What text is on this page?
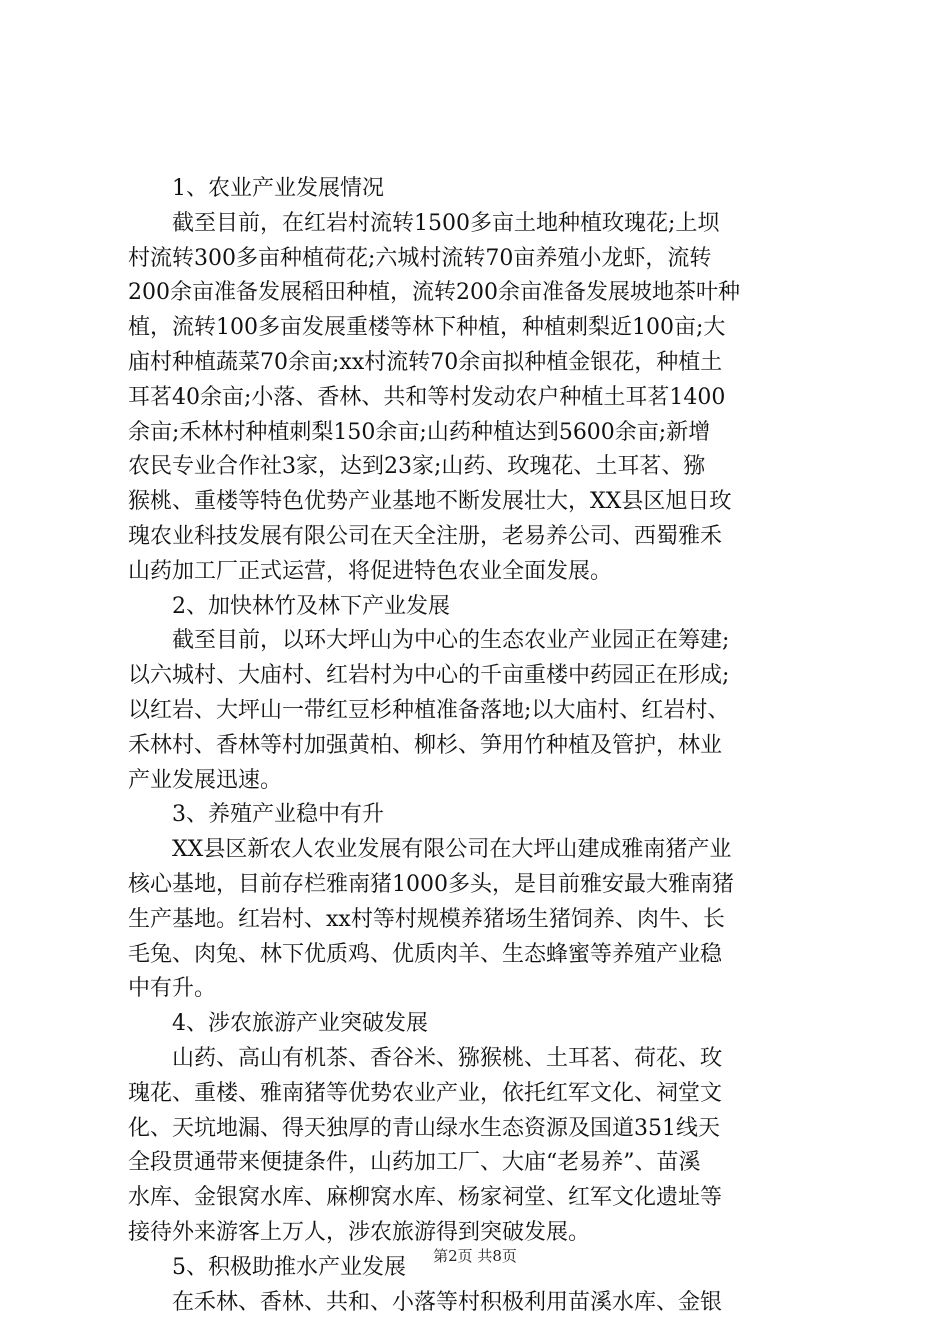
1、农业产业发展情况
截至目前，在红岩村流转1500多亩土地种植玫瑰花;上坝
村流转300多亩种植荷花;六城村流转70亩养殖小龙虾，流转
200余亩准备发展稻田种植，流转200余亩准备发展坡地茶叶种
植，流转100多亩发展重楼等林下种植，种植刺梨近100亩;大
庙村种植蔬菜70余亩;xx村流转70余亩拟种植金银花，种植土
耳茗40余亩;小落、香林、共和等村发动农户种植土耳茗1400
余亩;禾林村种植刺梨150余亩;山药种植达到5600余亩;新增
农民专业合作社3家，达到23家;山药、玫瑰花、土耳茗、猕
猴桃、重楼等特色优势产业基地不断发展壮大，XX县区旭日玫
瑰农业科技发展有限公司在天全注册，老易养公司、西蜀雅禾
山药加工厂正式运营，将促进特色农业全面发展。
2、加快林竹及林下产业发展
截至目前，以环大坪山为中心的生态农业产业园正在筹建;
以六城村、大庙村、红岩村为中心的千亩重楼中药园正在形成;
以红岩、大坪山一带红豆杉种植准备落地;以大庙村、红岩村、
禾林村、香林等村加强黄柏、柳杉、笋用竹种植及管护，林业
产业发展迅速。
3、养殖产业稳中有升
XX县区新农人农业发展有限公司在大坪山建成雅南猪产业
核心基地，目前存栏雅南猪1000多头，是目前雅安最大雅南猪
生产基地。红岩村、xx村等村规模养猪场生猪饲养、肉牛、长
毛兔、肉兔、林下优质鸡、优质肉羊、生态蜂蜜等养殖产业稳
中有升。
4、涉农旅游产业突破发展
山药、高山有机茶、香谷米、猕猴桃、土耳茗、荷花、玫
瑰花、重楼、雅南猪等优势农业产业，依托红军文化、祠堂文
化、天坑地漏、得天独厚的青山绿水生态资源及国道351线天
全段贯通带来便捷条件，山药加工厂、大庙“老易养”、苗溪
水库、金银窝水库、麻柳窝水库、杨家祠堂、红军文化遗址等
接待外来游客上万人，涉农旅游得到突破发展。
5、积极助推水产业发展
在禾林、香林、共和、小落等村积极利用苗溪水库、金银
第2页 共8页
